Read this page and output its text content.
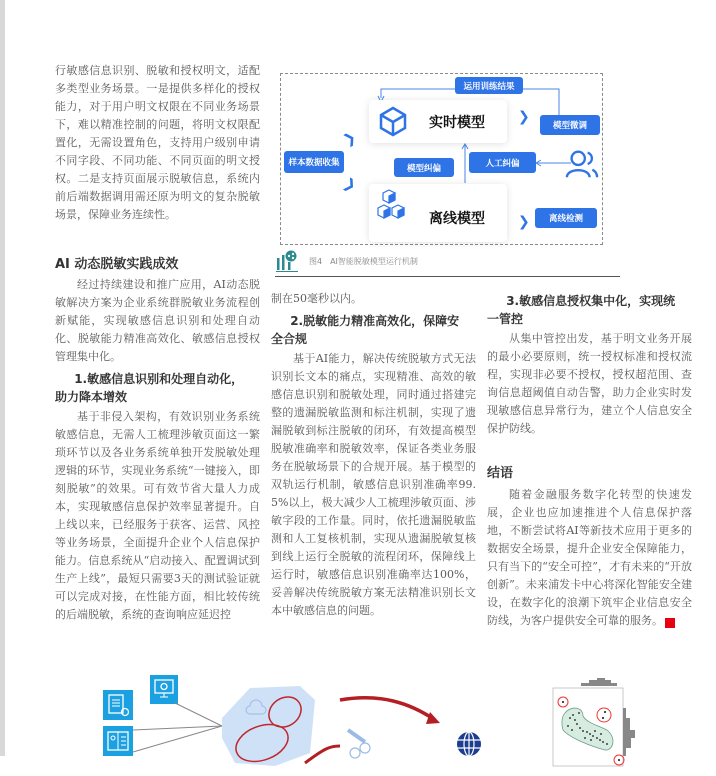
行敏感信息识别、脱敏和授权明文，适配多类型业务场景。一是提供多样化的授权能力，对于用户明文权限在不同业务场景下，难以精准控制的问题，将明文权限配置化，无需设置角色，支持用户级别申请不同字段、不同功能、不同页面的明文授权。二是支持页面展示脱敏信息，系统内前后端数据调用需还原为明文的复杂脱敏场景，保障业务连续性。

AI 动态脱敏实践成效

经过持续建设和推广应用，AI动态脱敏解决方案为企业系统群脱敏业务流程创新赋能，实现敏感信息识别和处理自动化、脱敏能力精准高效化、敏感信息授权管理集中化。

1.敏感信息识别和处理自动化，
助力降本增效

基于非侵入架构，有效识别业务系统敏感信息，无需人工梳理涉敏页面这一繁琐环节以及各业务系统单独开发脱敏处理逻辑的环节，实现业务系统“一键接入，即刻脱敏”的效果。可有效节省大量人力成本，实现敏感信息保护效率显著提升。自上线以来，已经服务于获客、运营、风控等业务场景，全面提升企业个人信息保护能力。信息系统从“启动接入、配置调试到生产上线”，最短只需要3天的测试验证就可以完成对接，在性能方面，相比较传统的后端脱敏，系统的查询响应延迟控

运用训练结果
实时模型 ❯
模型微调
❯
样本数据收集
❯
模型纠偏	人工纠偏
离线模型 ❯ 离线检测
图4　AI智能脱敏模型运行机制

制在50毫秒以内。

2.脱敏能力精准高效化，保障安
全合规

基于AI能力，解决传统脱敏方式无法识别长文本的痛点，实现精准、高效的敏感信息识别和脱敏处理，同时通过搭建完整的遗漏脱敏监测和标注机制，实现了遗漏脱敏到标注脱敏的闭环，有效提高模型脱敏准确率和脱敏效率，保证各类业务服务在脱敏场景下的合规开展。基于模型的双轨运行机制，敏感信息识别准确率99.5%以上，极大减少人工梳理涉敏页面、涉敏字段的工作量。同时，依托遗漏脱敏监测和人工复核机制，实现从遗漏脱敏复核到线上运行全脱敏的流程闭环，保障线上运行时，敏感信息识别准确率达100%，妥善解决传统脱敏方案无法精准识别长文本中敏感信息的问题。

3.敏感信息授权集中化，实现统
一管控

从集中管控出发，基于明文业务开展的最小必要原则，统一授权标准和授权流程，实现非必要不授权，授权超范围、查询信息超阈值自动告警，助力企业实时发现敏感信息异常行为，建立个人信息安全保护防线。

结语

随着金融服务数字化转型的快速发展，企业也应加速推进个人信息保护落地，不断尝试将AI等新技术应用于更多的数据安全场景，提升企业安全保障能力，只有当下的“安全可控”，才有未来的“开放创新”。未来浦发卡中心将深化智能安全建设，在数字化的浪潮下筑牢企业信息安全防线，为客户提供安全可靠的服务。	☗
